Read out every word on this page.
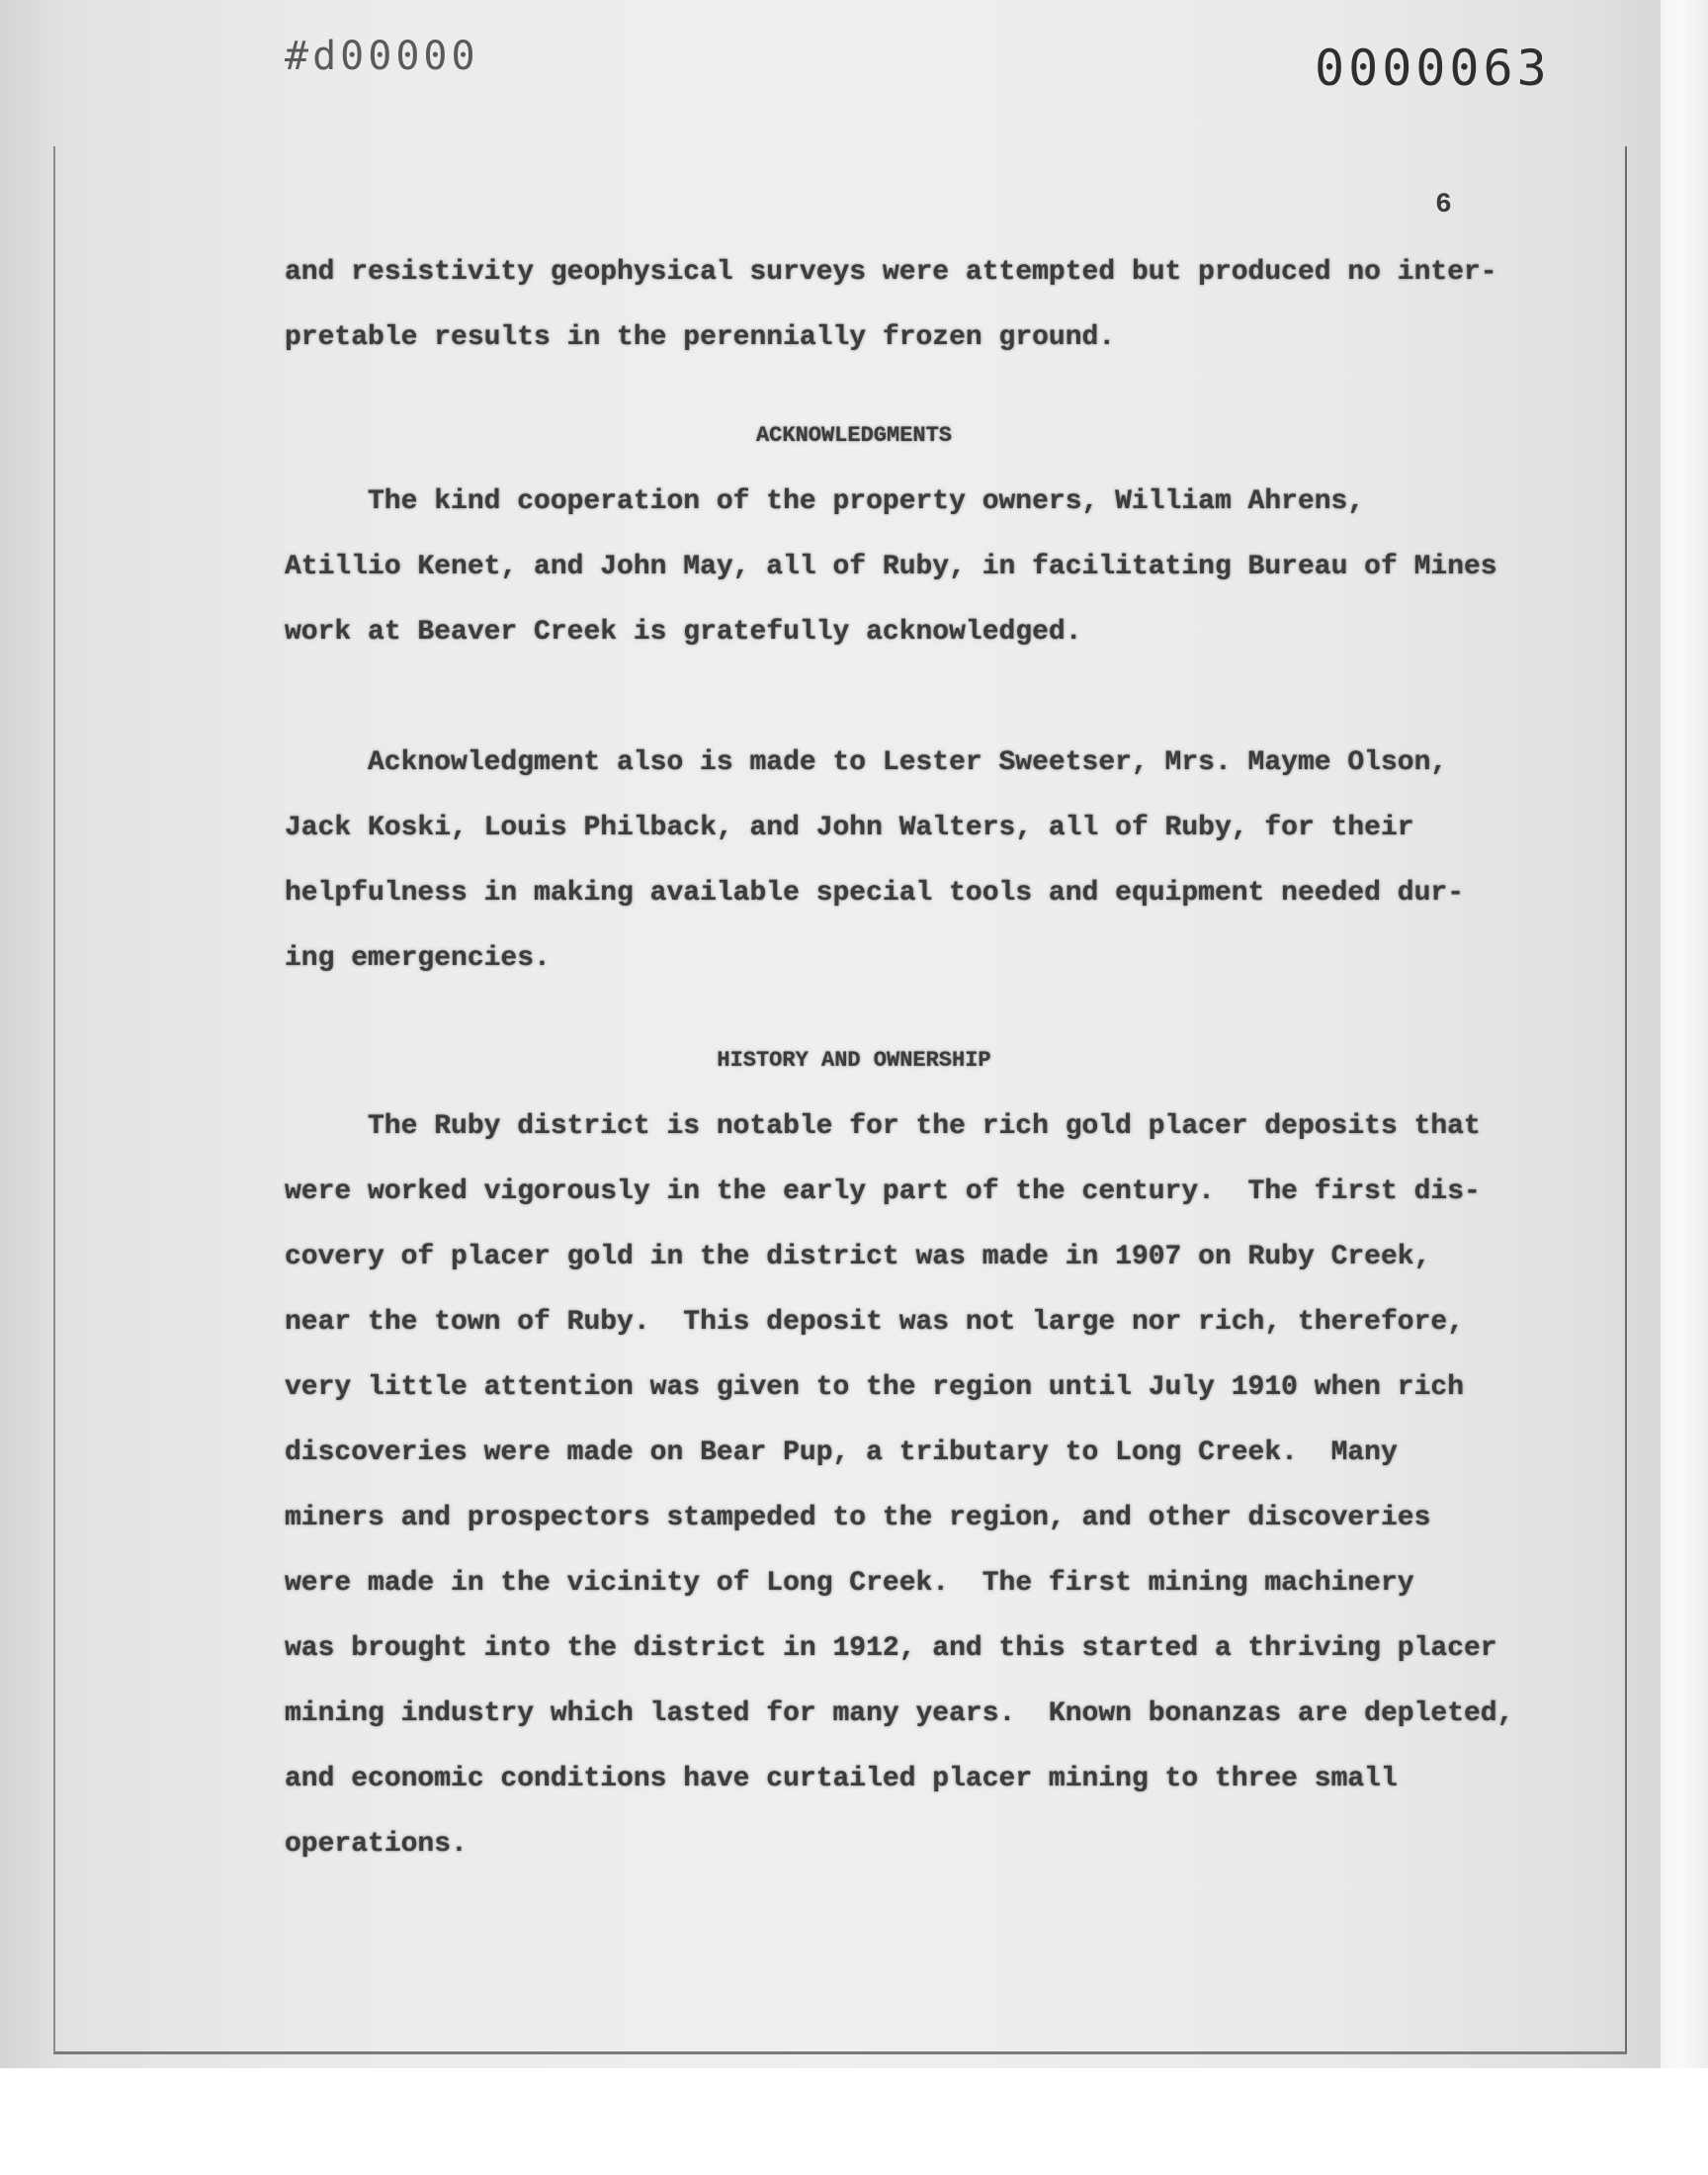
#d00000	0000063
6
and resistivity geophysical surveys were attempted but produced no inter-
pretable results in the perennially frozen ground.
ACKNOWLEDGMENTS
The kind cooperation of the property owners, William Ahrens,
Atillio Kenet, and John May, all of Ruby, in facilitating Bureau of Mines
work at Beaver Creek is gratefully acknowledged.
Acknowledgment also is made to Lester Sweetser, Mrs. Mayme Olson,
Jack Koski, Louis Philback, and John Walters, all of Ruby, for their
helpfulness in making available special tools and equipment needed dur-
ing emergencies.
HISTORY AND OWNERSHIP
The Ruby district is notable for the rich gold placer deposits that
were worked vigorously in the early part of the century.  The first dis-
covery of placer gold in the district was made in 1907 on Ruby Creek,
near the town of Ruby.  This deposit was not large nor rich, therefore,
very little attention was given to the region until July 1910 when rich
discoveries were made on Bear Pup, a tributary to Long Creek.  Many
miners and prospectors stampeded to the region, and other discoveries
were made in the vicinity of Long Creek.  The first mining machinery
was brought into the district in 1912, and this started a thriving placer
mining industry which lasted for many years.  Known bonanzas are depleted,
and economic conditions have curtailed placer mining to three small
operations.
